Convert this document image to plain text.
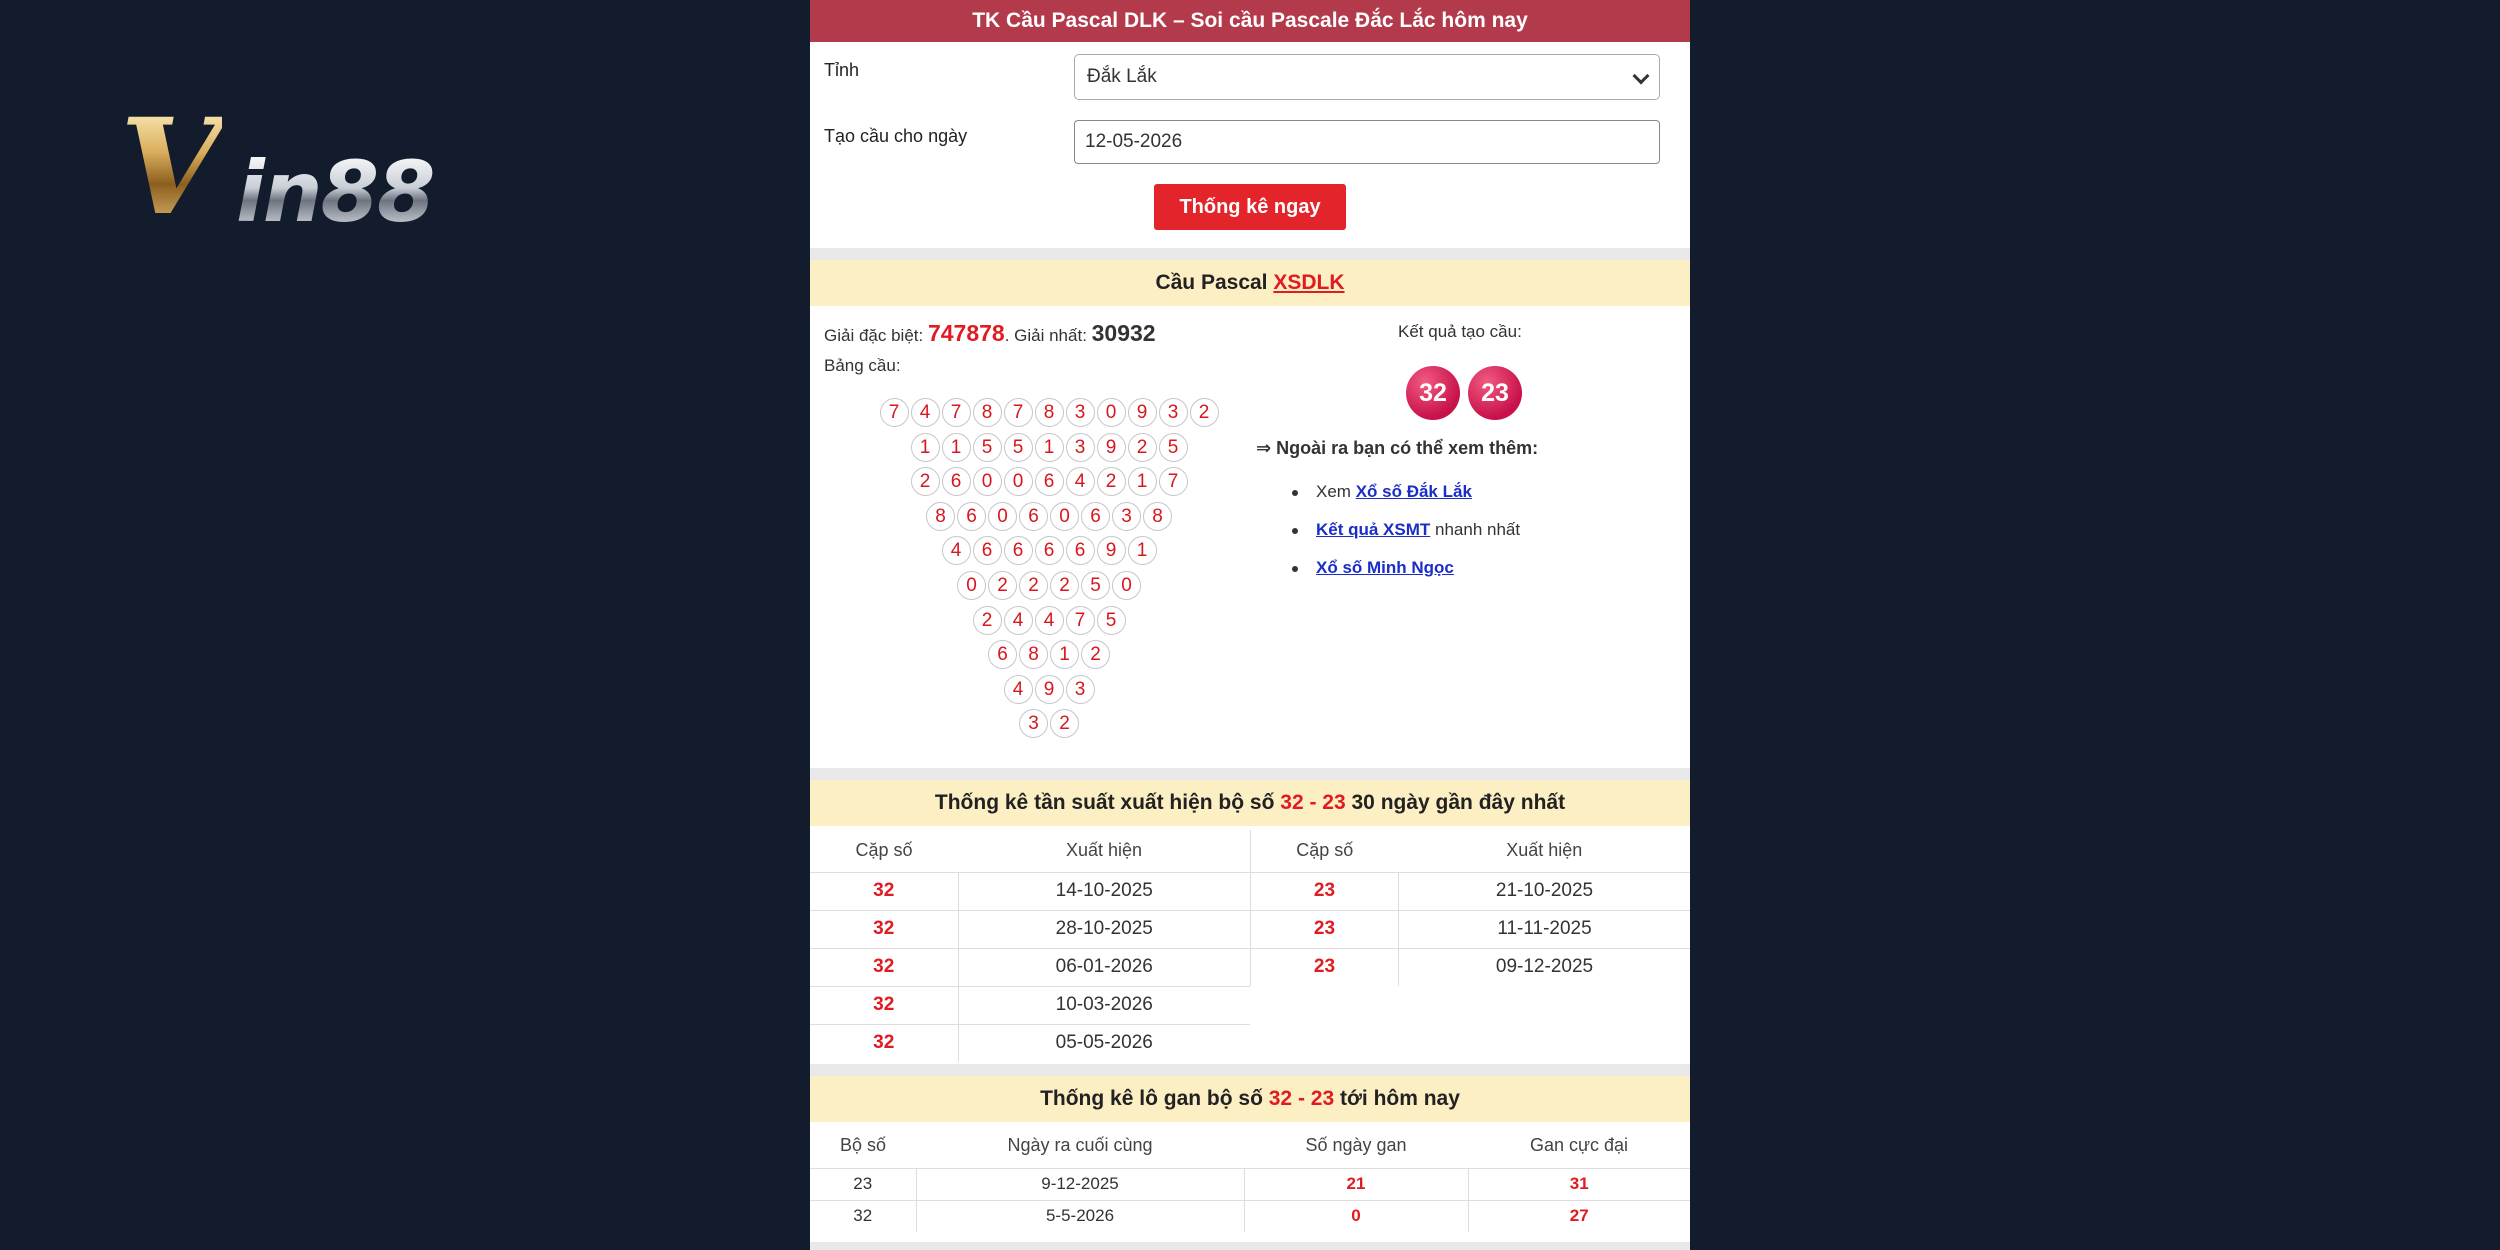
V in88
TK Cầu Pascal DLK – Soi cầu Pascale Đắc Lắc hôm nay
Tỉnh	Đắk Lắk
Tạo cầu cho ngày	12-05-2026
Thống kê ngay
Cầu Pascal XSDLK
Giải đặc biệt: 747878. Giải nhất: 30932
Bảng cầu:
7	4	7	8	7	8	3	0	9	3	2
1	1	5	5	1	3	9	2	5
2	6	0	0	6	4	2	1	7
8	6	0	6	0	6	3	8
4	6	6	6	6	9	1
0	2	2	2	5	0
2	4	4	7	5
6	8	1	2
4	9	3
3	2
Kết quả tạo cầu:
32	23
⇒ Ngoài ra bạn có thể xem thêm:
Xem Xổ số Đắk Lắk
Kết quả XSMT nhanh nhất
Xổ số Minh Ngọc
Thống kê tần suất xuất hiện bộ số 32 - 23 30 ngày gần đây nhất
Cặp số	Xuất hiện
32	14-10-2025
32	28-10-2025
32	06-01-2026
32	10-03-2026
32	05-05-2026
Cặp số	Xuất hiện
23	21-10-2025
23	11-11-2025
23	09-12-2025
Thống kê lô gan bộ số 32 - 23 tới hôm nay
Bộ số	Ngày ra cuối cùng	Số ngày gan	Gan cực đại
23	9-12-2025	21	31
32	5-5-2026	0	27
